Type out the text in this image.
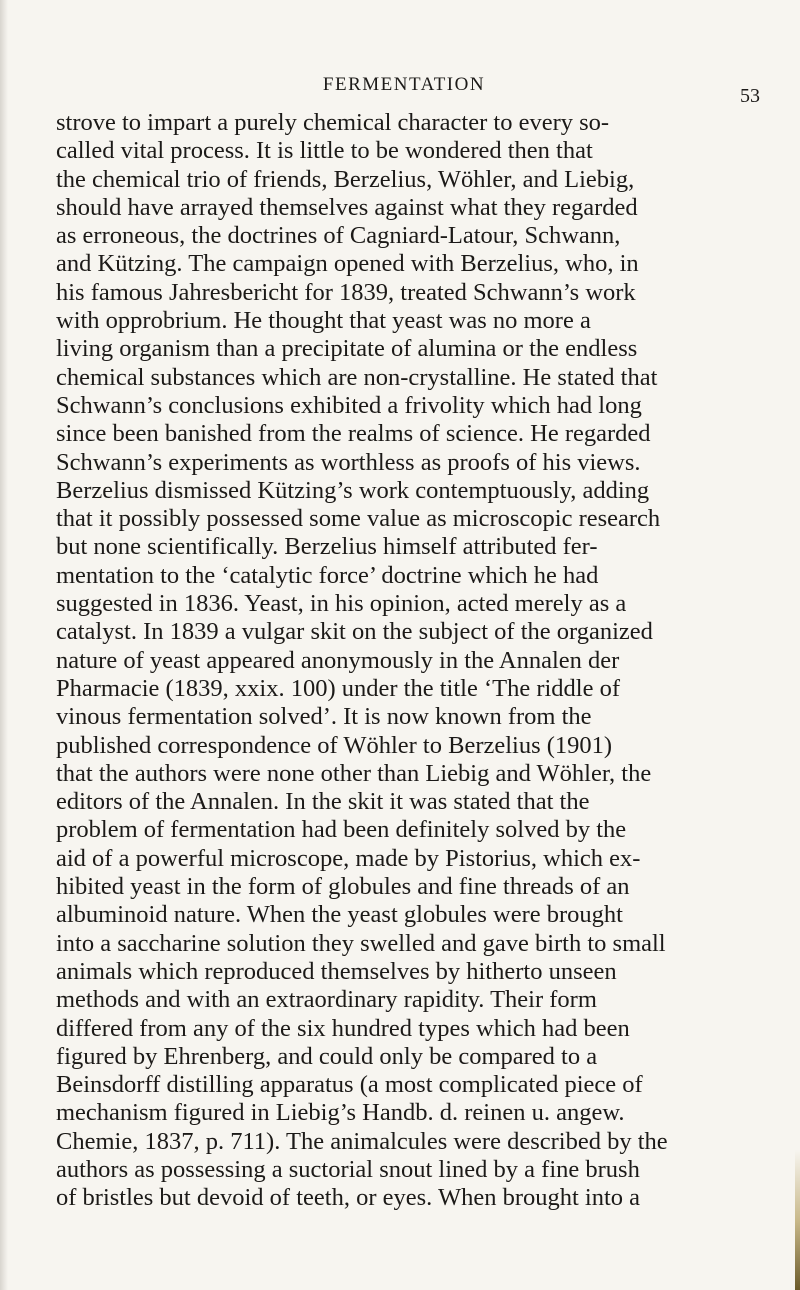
FERMENTATION
53
strove to impart a purely chemical character to every so-
called vital process. It is little to be wondered then that
the chemical trio of friends, Berzelius, Wöhler, and Liebig,
should have arrayed themselves against what they regarded
as erroneous, the doctrines of Cagniard-Latour, Schwann,
and Kützing. The campaign opened with Berzelius, who, in
his famous Jahresbericht for 1839, treated Schwann’s work
with opprobrium. He thought that yeast was no more a
living organism than a precipitate of alumina or the endless
chemical substances which are non-crystalline. He stated that
Schwann’s conclusions exhibited a frivolity which had long
since been banished from the realms of science. He regarded
Schwann’s experiments as worthless as proofs of his views.
Berzelius dismissed Kützing’s work contemptuously, adding
that it possibly possessed some value as microscopic research
but none scientifically. Berzelius himself attributed fer-
mentation to the ‘catalytic force’ doctrine which he had
suggested in 1836. Yeast, in his opinion, acted merely as a
catalyst. In 1839 a vulgar skit on the subject of the organized
nature of yeast appeared anonymously in the Annalen der
Pharmacie (1839, xxix. 100) under the title ‘The riddle of
vinous fermentation solved’. It is now known from the
published correspondence of Wöhler to Berzelius (1901)
that the authors were none other than Liebig and Wöhler, the
editors of the Annalen. In the skit it was stated that the
problem of fermentation had been definitely solved by the
aid of a powerful microscope, made by Pistorius, which ex-
hibited yeast in the form of globules and fine threads of an
albuminoid nature. When the yeast globules were brought
into a saccharine solution they swelled and gave birth to small
animals which reproduced themselves by hitherto unseen
methods and with an extraordinary rapidity. Their form
differed from any of the six hundred types which had been
figured by Ehrenberg, and could only be compared to a
Beinsdorff distilling apparatus (a most complicated piece of
mechanism figured in Liebig’s Handb. d. reinen u. angew.
Chemie, 1837, p. 711). The animalcules were described by the
authors as possessing a suctorial snout lined by a fine brush
of bristles but devoid of teeth, or eyes. When brought into a
